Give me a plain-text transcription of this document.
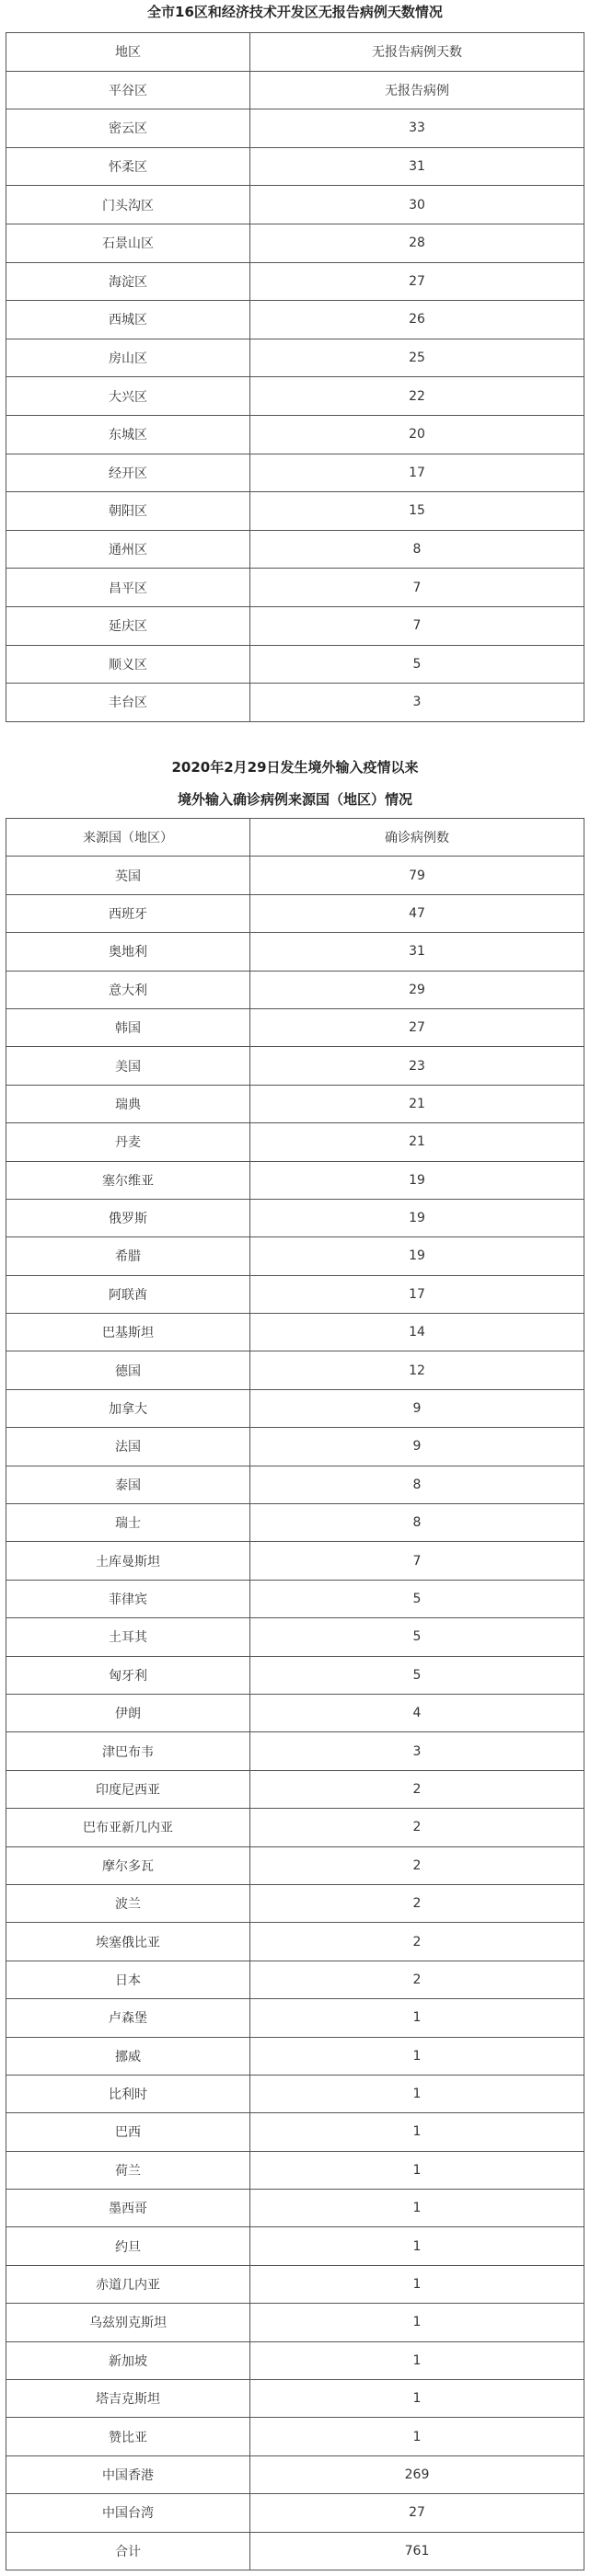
全市16区和经济技术开发区无报告病例天数情况
地区	无报告病例天数
平谷区	无报告病例
密云区	33
怀柔区	31
门头沟区	30
石景山区	28
海淀区	27
西城区	26
房山区	25
大兴区	22
东城区	20
经开区	17
朝阳区	15
通州区	8
昌平区	7
延庆区	7
顺义区	5
丰台区	3
2020年2月29日发生境外输入疫情以来
境外输入确诊病例来源国（地区）情况
来源国（地区）	确诊病例数
英国	79
西班牙	47
奥地利	31
意大利	29
韩国	27
美国	23
瑞典	21
丹麦	21
塞尔维亚	19
俄罗斯	19
希腊	19
阿联酋	17
巴基斯坦	14
德国	12
加拿大	9
法国	9
泰国	8
瑞士	8
土库曼斯坦	7
菲律宾	5
土耳其	5
匈牙利	5
伊朗	4
津巴布韦	3
印度尼西亚	2
巴布亚新几内亚	2
摩尔多瓦	2
波兰	2
埃塞俄比亚	2
日本	2
卢森堡	1
挪威	1
比利时	1
巴西	1
荷兰	1
墨西哥	1
约旦	1
赤道几内亚	1
乌兹别克斯坦	1
新加坡	1
塔吉克斯坦	1
赞比亚	1
中国香港	269
中国台湾	27
合计	761
